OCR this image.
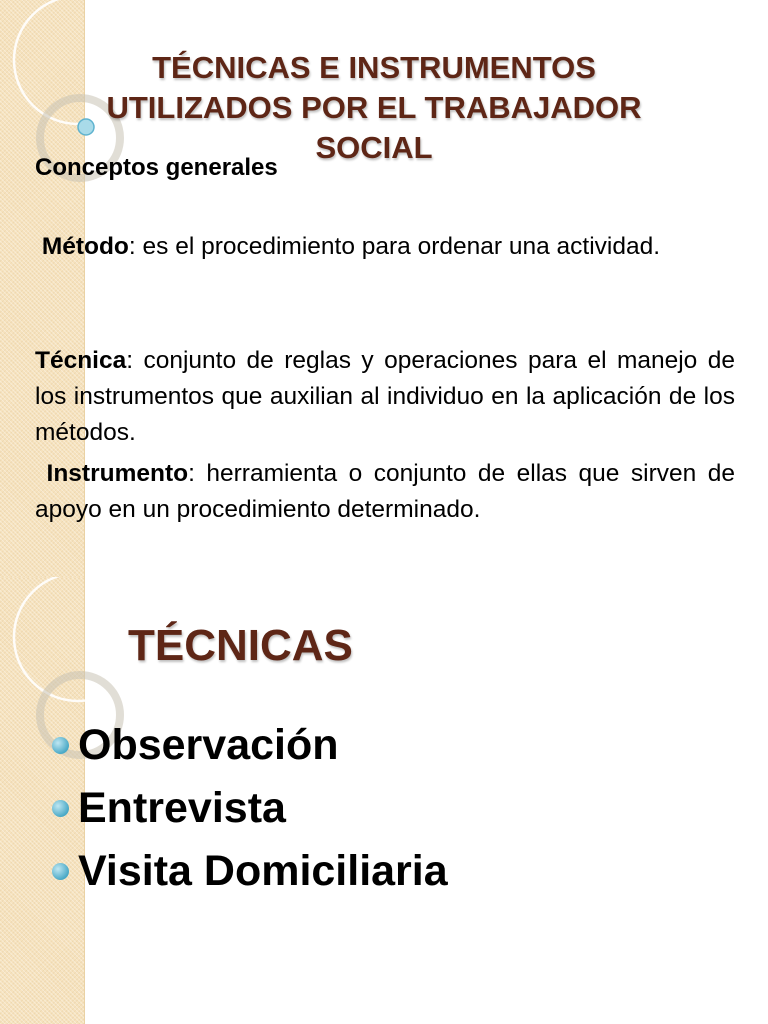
TÉCNICAS E INSTRUMENTOS UTILIZADOS POR EL TRABAJADOR SOCIAL
Conceptos generales
Método: es el procedimiento para ordenar una actividad.
Técnica: conjunto de reglas y operaciones para el manejo de los instrumentos que auxilian al individuo en la aplicación de los métodos.
Instrumento: herramienta o conjunto de ellas que sirven de apoyo en un procedimiento determinado.
TÉCNICAS
Observación
Entrevista
Visita Domiciliaria
